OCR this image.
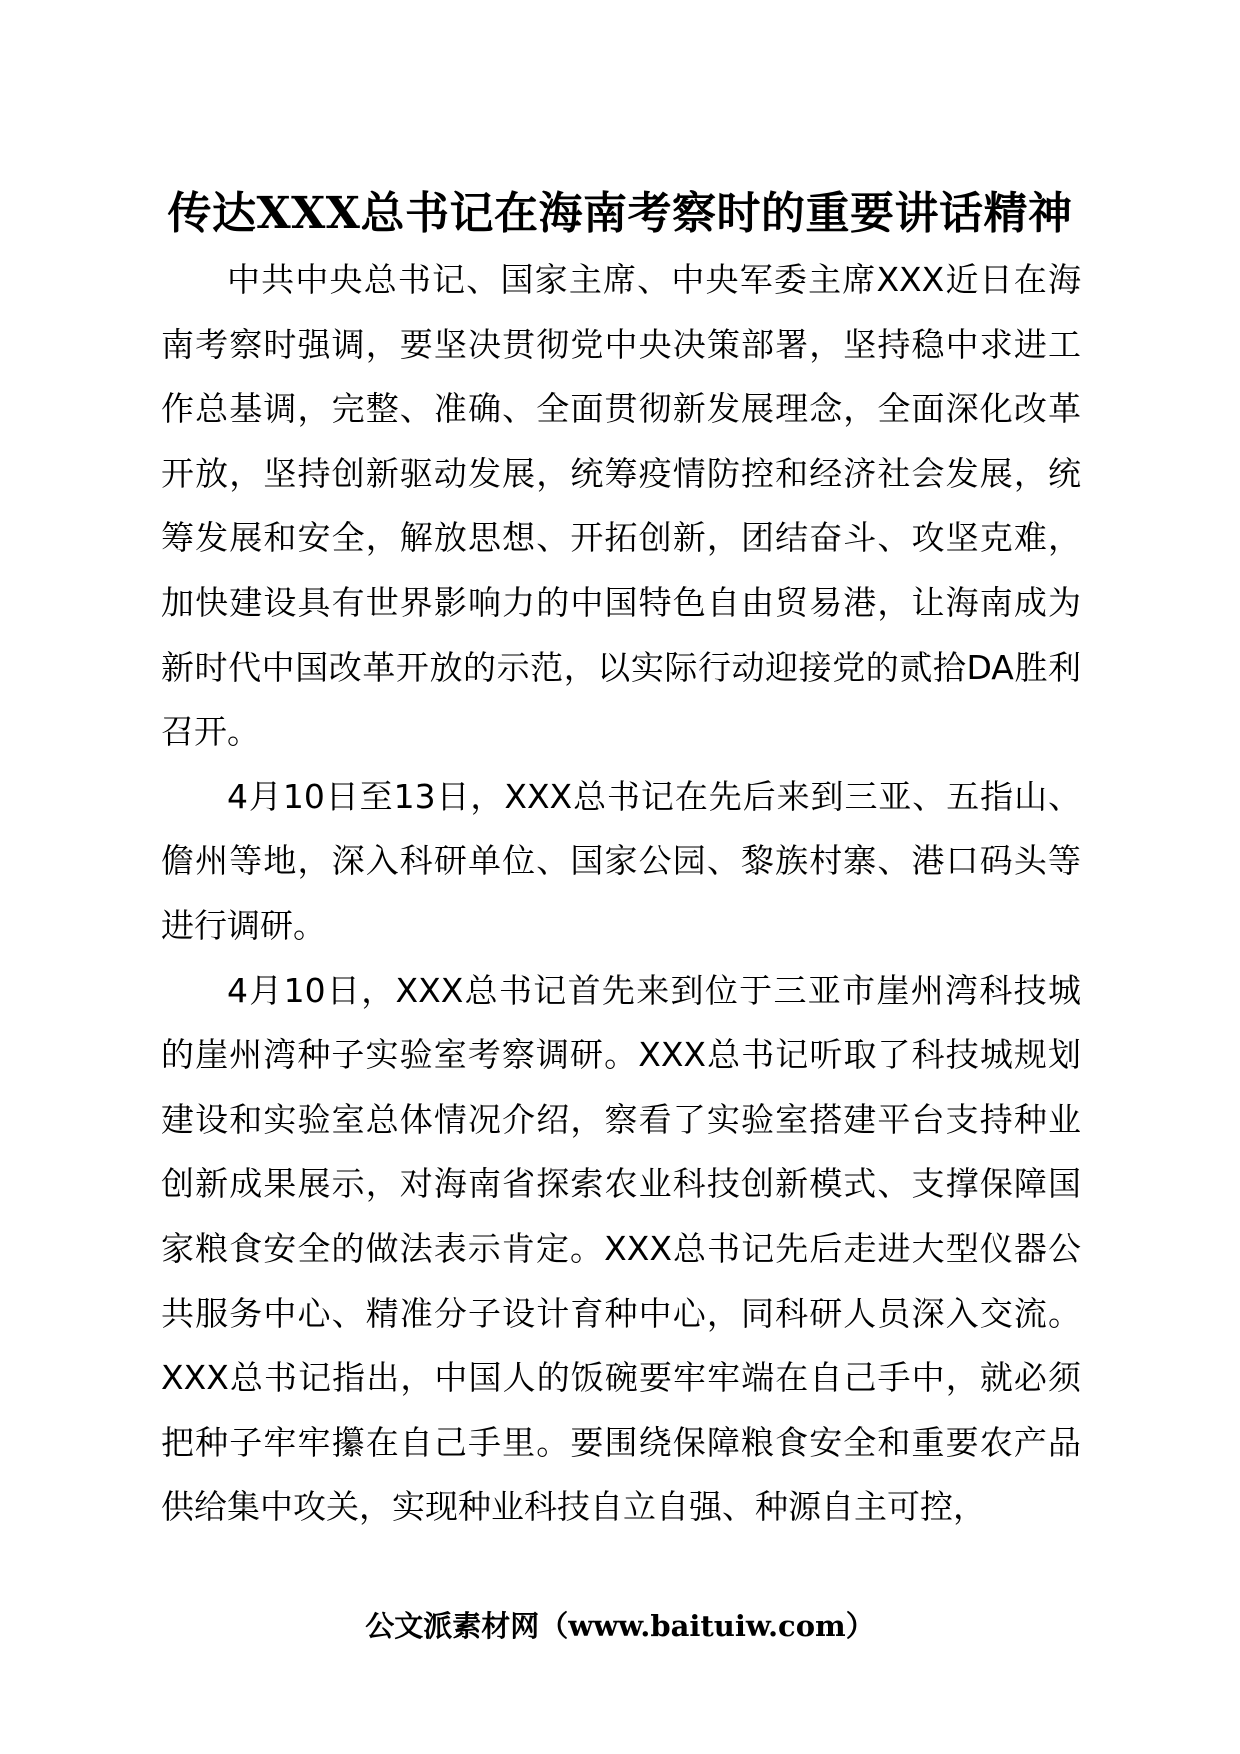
传达XXX总书记在海南考察时的重要讲话精神

中共中央总书记、国家主席、中央军委主席XXX近日在海南考察时强调，要坚决贯彻党中央决策部署，坚持稳中求进工作总基调，完整、准确、全面贯彻新发展理念，全面深化改革开放，坚持创新驱动发展，统筹疫情防控和经济社会发展，统筹发展和安全，解放思想、开拓创新，团结奋斗、攻坚克难，加快建设具有世界影响力的中国特色自由贸易港，让海南成为新时代中国改革开放的示范，以实际行动迎接党的贰拾DA胜利召开。

4月10日至13日，XXX总书记在先后来到三亚、五指山、儋州等地，深入科研单位、国家公园、黎族村寨、港口码头等进行调研。

4月10日，XXX总书记首先来到位于三亚市崖州湾科技城的崖州湾种子实验室考察调研。XXX总书记听取了科技城规划建设和实验室总体情况介绍，察看了实验室搭建平台支持种业创新成果展示，对海南省探索农业科技创新模式、支撑保障国家粮食安全的做法表示肯定。XXX总书记先后走进大型仪器公共服务中心、精准分子设计育种中心，同科研人员深入交流。XXX总书记指出，中国人的饭碗要牢牢端在自己手中，就必须把种子牢牢攥在自己手里。要围绕保障粮食安全和重要农产品供给集中攻关，实现种业科技自立自强、种源自主可控，

公文派素材网（www.baituiw.com）
